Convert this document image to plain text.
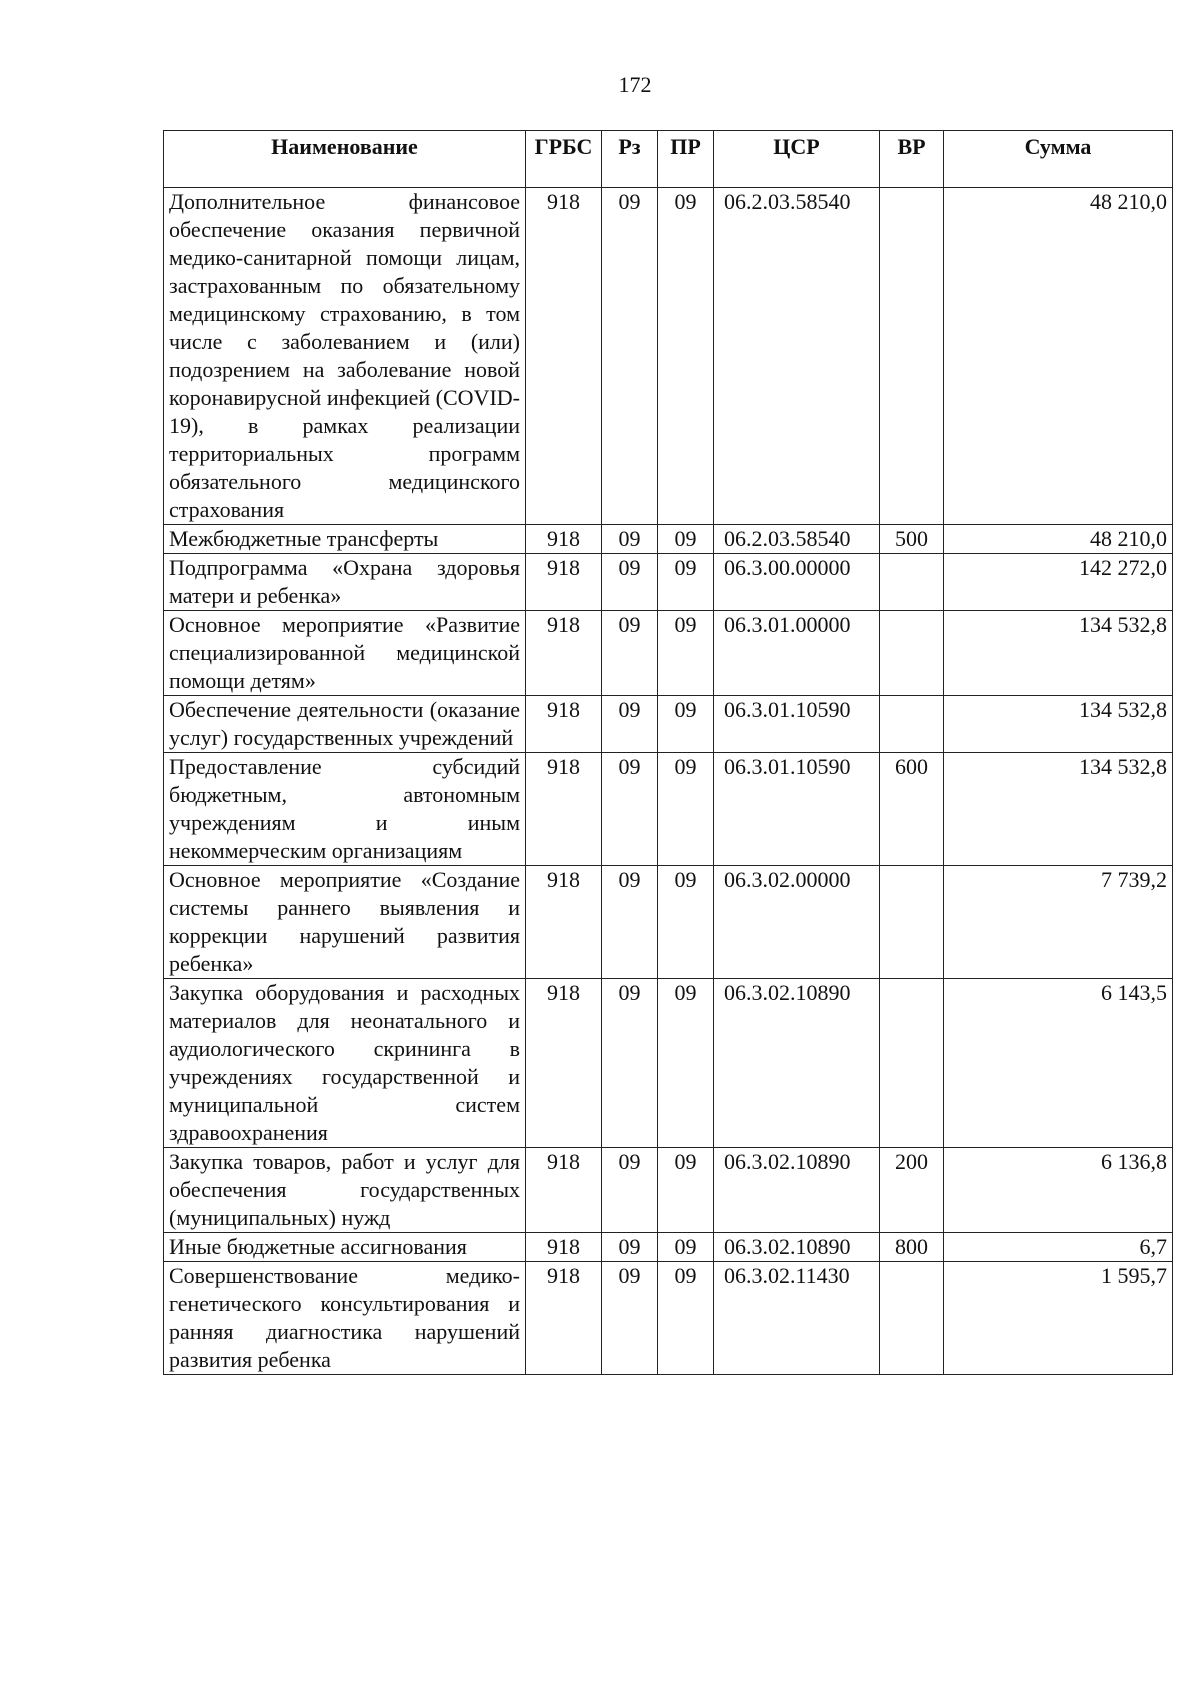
172
Наименование	ГРБС	Рз	ПР	ЦСР	ВР	Сумма
Дополнительное финансовое обеспечение оказания первичной медико-санитарной помощи лицам, застрахованным по обязательному медицинскому страхованию, в том числе с заболеванием и (или) подозрением на заболевание новой коронавирусной инфекцией (COVID-19), в рамках реализации территориальных программ обязательного медицинского страхования	918	09	09	06.2.03.58540		48 210,0
Межбюджетные трансферты	918	09	09	06.2.03.58540	500	48 210,0
Подпрограмма «Охрана здоровья матери и ребенка»	918	09	09	06.3.00.00000		142 272,0
Основное мероприятие «Развитие специализированной медицинской помощи детям»	918	09	09	06.3.01.00000		134 532,8
Обеспечение деятельности (оказание услуг) государственных учреждений	918	09	09	06.3.01.10590		134 532,8
Предоставление субсидий бюджетным, автономным учреждениям и иным некоммерческим организациям	918	09	09	06.3.01.10590	600	134 532,8
Основное мероприятие «Создание системы раннего выявления и коррекции нарушений развития ребенка»	918	09	09	06.3.02.00000		7 739,2
Закупка оборудования и расходных материалов для неонатального и аудиологического скрининга в учреждениях государственной и муниципальной систем здравоохранения	918	09	09	06.3.02.10890		6 143,5
Закупка товаров, работ и услуг для обеспечения государственных (муниципальных) нужд	918	09	09	06.3.02.10890	200	6 136,8
Иные бюджетные ассигнования	918	09	09	06.3.02.10890	800	6,7
Совершенствование медико-генетического консультирования и ранняя диагностика нарушений развития ребенка	918	09	09	06.3.02.11430		1 595,7
